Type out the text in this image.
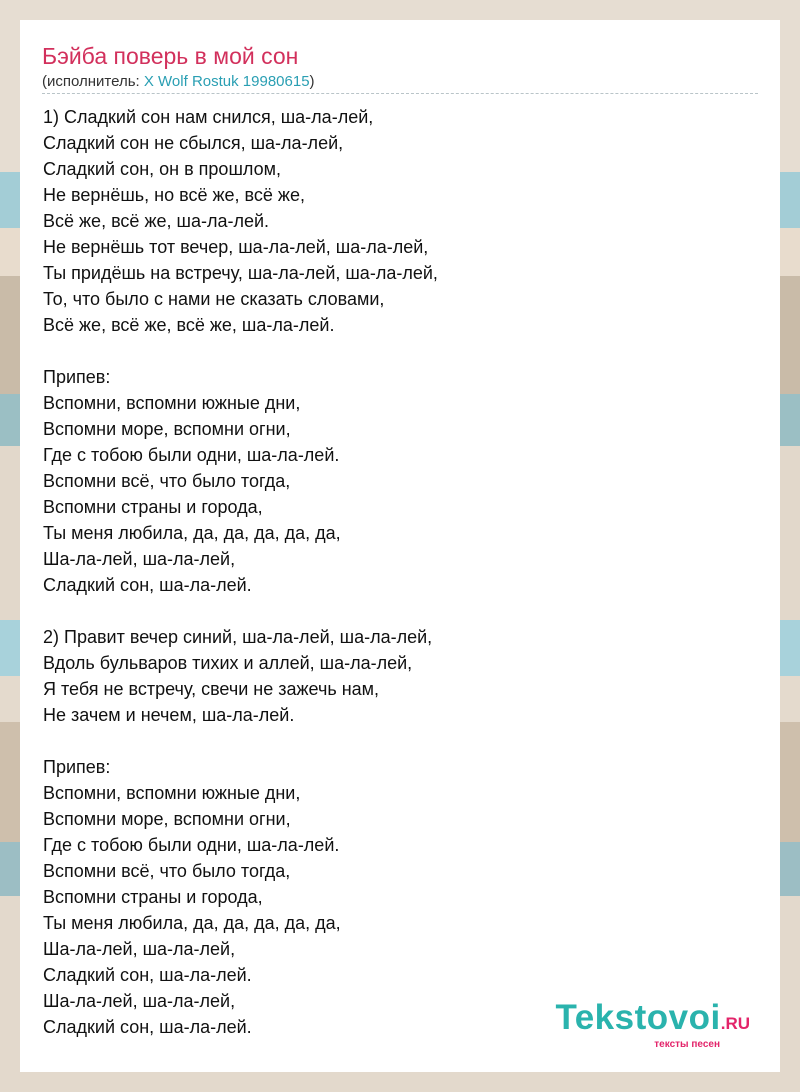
Бэйба поверь в мой сон
(исполнитель: X Wolf Rostuk 19980615)
1) Сладкий сон нам снился, ша-ла-лей,
Сладкий сон не сбылся, ша-ла-лей,
Сладкий сон, он в прошлом,
Не вернёшь, но всё же, всё же,
Всё же, всё же, ша-ла-лей.
Не вернёшь тот вечер, ша-ла-лей, ша-ла-лей,
Ты придёшь на встречу, ша-ла-лей, ша-ла-лей,
То, что было с нами не сказать словами,
Всё же, всё же, всё же, ша-ла-лей.

Припев:
Вспомни, вспомни южные дни,
Вспомни море, вспомни огни,
Где с тобою были одни, ша-ла-лей.
Вспомни всё, что было тогда,
Вспомни страны и города,
Ты меня любила, да, да, да, да, да,
Ша-ла-лей, ша-ла-лей,
Сладкий сон, ша-ла-лей.

2) Правит вечер синий, ша-ла-лей, ша-ла-лей,
Вдоль бульваров тихих и аллей, ша-ла-лей,
Я тебя не встречу, свечи не зажечь нам,
Не зачем и нечем, ша-ла-лей.

Припев:
Вспомни, вспомни южные дни,
Вспомни море, вспомни огни,
Где с тобою были одни, ша-ла-лей.
Вспомни всё, что было тогда,
Вспомни страны и города,
Ты меня любила, да, да, да, да, да,
Ша-ла-лей, ша-ла-лей,
Сладкий сон, ша-ла-лей.
Ша-ла-лей, ша-ла-лей,
Сладкий сон, ша-ла-лей.	Tekstovoi.RU
тексты песен
